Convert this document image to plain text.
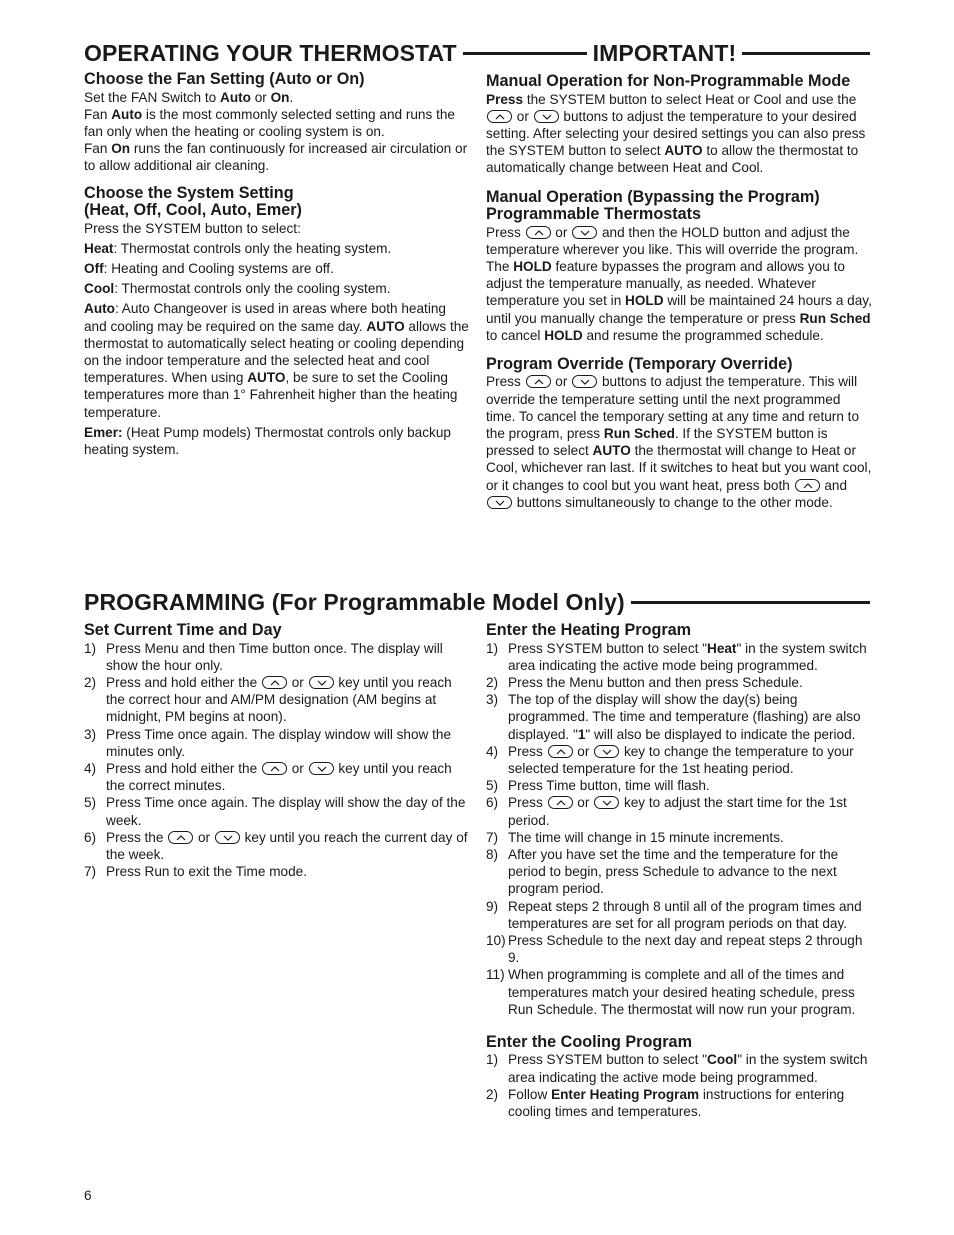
OPERATING YOUR THERMOSTAT	IMPORTANT!
Choose the Fan Setting (Auto or On)

Set the FAN Switch to Auto or On.

Fan Auto is the most commonly selected setting and runs the fan only when the heating or cooling system is on.

Fan On runs the fan continuously for increased air circulation or to allow additional air cleaning.

Choose the System Setting
(Heat, Off, Cool, Auto, Emer)

Press the SYSTEM button to select:

Heat: Thermostat controls only the heating system.

Off: Heating and Cooling systems are off.

Cool: Thermostat controls only the cooling system.

Auto: Auto Changeover is used in areas where both heating and cooling may be required on the same day. AUTO allows the thermostat to automatically select heating or cooling depending on the indoor temperature and the selected heat and cool temperatures. When using AUTO, be sure to set the Cooling temperatures more than 1° Fahrenheit higher than the heating temperature.

Emer: (Heat Pump models) Thermostat controls only backup heating system.

Manual Operation for Non-Programmable Mode

Press the SYSTEM button to select Heat or Cool and use the
or
buttons to adjust the temperature to your desired setting. After selecting your desired settings you can also press the SYSTEM button to select AUTO to allow the thermostat to automatically change between Heat and Cool.

Manual Operation (Bypassing the Program)
Programmable Thermostats

Press
or
and then the HOLD button and adjust the temperature wherever you like. This will override the program. The HOLD feature bypasses the program and allows you to adjust the temperature manually, as needed. Whatever temperature you set in HOLD will be maintained 24 hours a day, until you manually change the temperature or press Run Sched to cancel HOLD and resume the programmed schedule.

Program Override (Temporary Override)

Press
or
buttons to adjust the temperature. This will override the temperature setting until the next programmed time. To cancel the temporary setting at any time and return to the program, press Run Sched. If the SYSTEM button is pressed to select AUTO the thermostat will change to Heat or Cool, whichever ran last. If it switches to heat but you want cool, or it changes to cool but you want heat, press both
and
buttons simultaneously to change to the other mode.

PROGRAMMING (For Programmable Model Only)
Set Current Time and Day
1) Press Menu and then Time button once. The display will show the hour only.
2) Press and hold either the
or
key until you reach the correct hour and AM/PM designation (AM begins at midnight, PM begins at noon).
3) Press Time once again. The display window will show the minutes only.
4) Press and hold either the
or
key until you reach the correct minutes.
5) Press Time once again. The display will show the day of the week.
6) Press the
or
key until you reach the current day of the week.
7) Press Run to exit the Time mode.
Enter the Heating Program
1) Press SYSTEM button to select "Heat" in the system switch area indicating the active mode being programmed.
2) Press the Menu button and then press Schedule.
3) The top of the display will show the day(s) being programmed. The time and temperature (flashing) are also displayed. "1" will also be displayed to indicate the period.
4) Press
or
key to change the temperature to your selected temperature for the 1st heating period.
5) Press Time button, time will flash.
6) Press
or
key to adjust the start time for the 1st period.
7) The time will change in 15 minute increments.
8) After you have set the time and the temperature for the period to begin, press Schedule to advance to the next program period.
9) Repeat steps 2 through 8 until all of the program times and temperatures are set for all program periods on that day.
10) Press Schedule to the next day and repeat steps 2 through 9.
11) When programming is complete and all of the times and temperatures match your desired heating schedule, press Run Schedule. The thermostat will now run your program.
Enter the Cooling Program
1) Press SYSTEM button to select "Cool" in the system switch area indicating the active mode being programmed.
2) Follow Enter Heating Program instructions for entering cooling times and temperatures.
6
